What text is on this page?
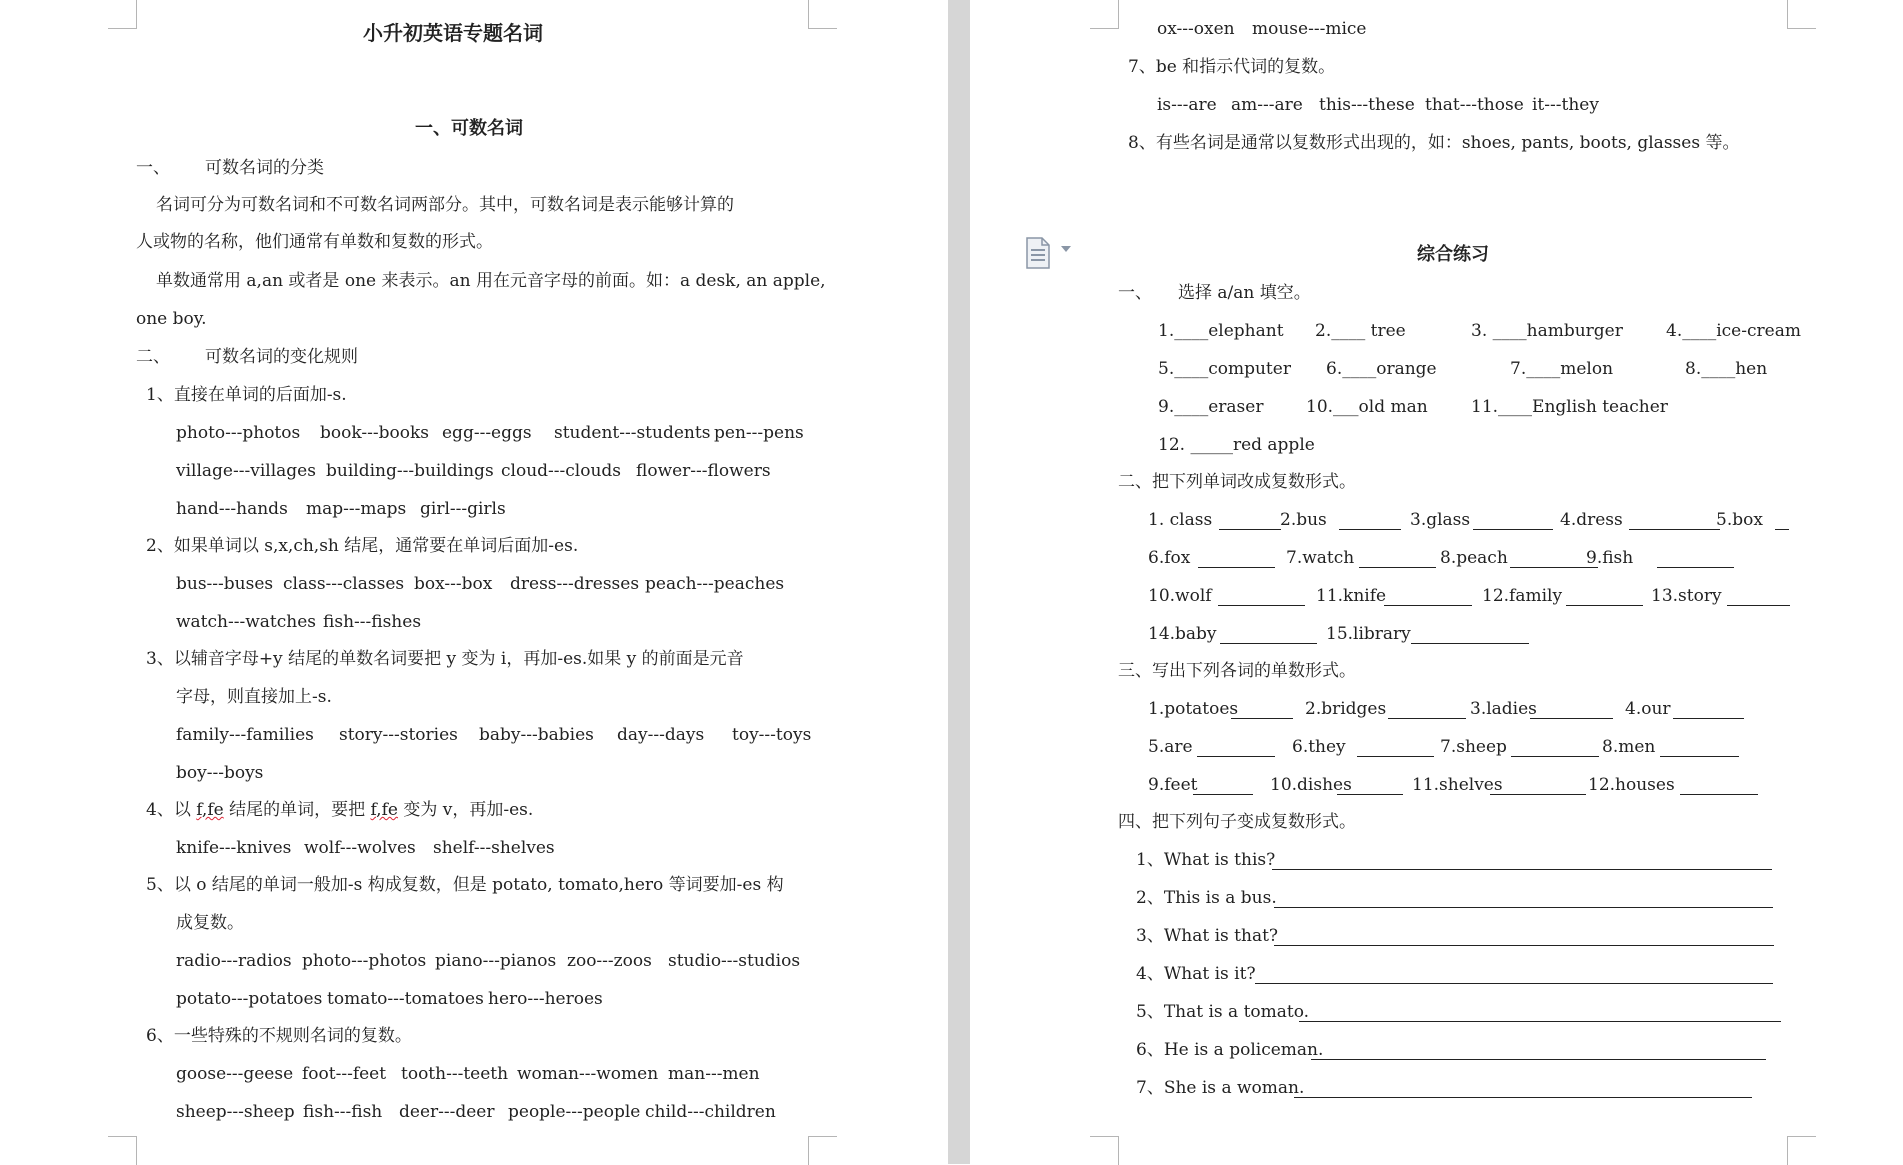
小升初英语专题名词
一、可数名词
一、 可数名词的分类
名词可分为可数名词和不可数名词两部分。其中，可数名词是表示能够计算的
人或物的名称，他们通常有单数和复数的形式。
单数通常用 a,an 或者是 one 来表示。an 用在元音字母的前面。如：a desk, an apple,
one boy.
二、 可数名词的变化规则
1、直接在单词的后面加-s.
photo---photos book---books egg---eggs student---students pen---pens
village---villages building---buildings cloud---clouds flower---flowers
hand---hands map---maps girl---girls
2、如果单词以 s,x,ch,sh 结尾，通常要在单词后面加-es.
bus---buses class---classes box---box dress---dresses peach---peaches
watch---watches fish---fishes
3、以辅音字母+y 结尾的单数名词要把 y 变为 i，再加-es.如果 y 的前面是元音
字母，则直接加上-s.
family---families story---stories baby---babies day---days toy---toys
boy---boys
4、以 f,fe 结尾的单词，要把 f,fe 变为 v，再加-es.
knife---knives wolf---wolves shelf---shelves
5、以 o 结尾的单词一般加-s 构成复数，但是 potato, tomato,hero 等词要加-es 构
成复数。
radio---radios photo---photos piano---pianos zoo---zoos studio---studios
potato---potatoes tomato---tomatoes hero---heroes
6、一些特殊的不规则名词的复数。
goose---geese foot---feet tooth---teeth woman---women man---men
sheep---sheep fish---fish deer---deer people---people child---children
ox---oxen mouse---mice
7、be 和指示代词的复数。
is---are am---are this---these that---those it---they
8、有些名词是通常以复数形式出现的，如：shoes, pants, boots, glasses 等。
综合练习
一、 选择 a/an 填空。
1.____elephant 2.____ tree	3. ____hamburger	4.____ice-cream
5.____computer 6.____orange	7.____melon	8.____hen
9.____eraser	10.___old man	11.____English teacher
12. _____red apple
二、把下列单词改成复数形式。
1. class	2.bus	3.glass	4.dress	5.box
6.fox	7.watch	8.peach	9.fish
10.wolf	11.knife	12.family	13.story
14.baby	15.library
三、写出下列各词的单数形式。
1.potatoes	2.bridges	3.ladies	4.our
5.are	6.they	7.sheep	8.men
9.feet	10.dishes	11.shelves	12.houses
四、把下列句子变成复数形式。
1、What is this?
2、This is a bus.
3、What is that?
4、What is it?
5、That is a tomato.
6、He is a policeman.
7、She is a woman.
